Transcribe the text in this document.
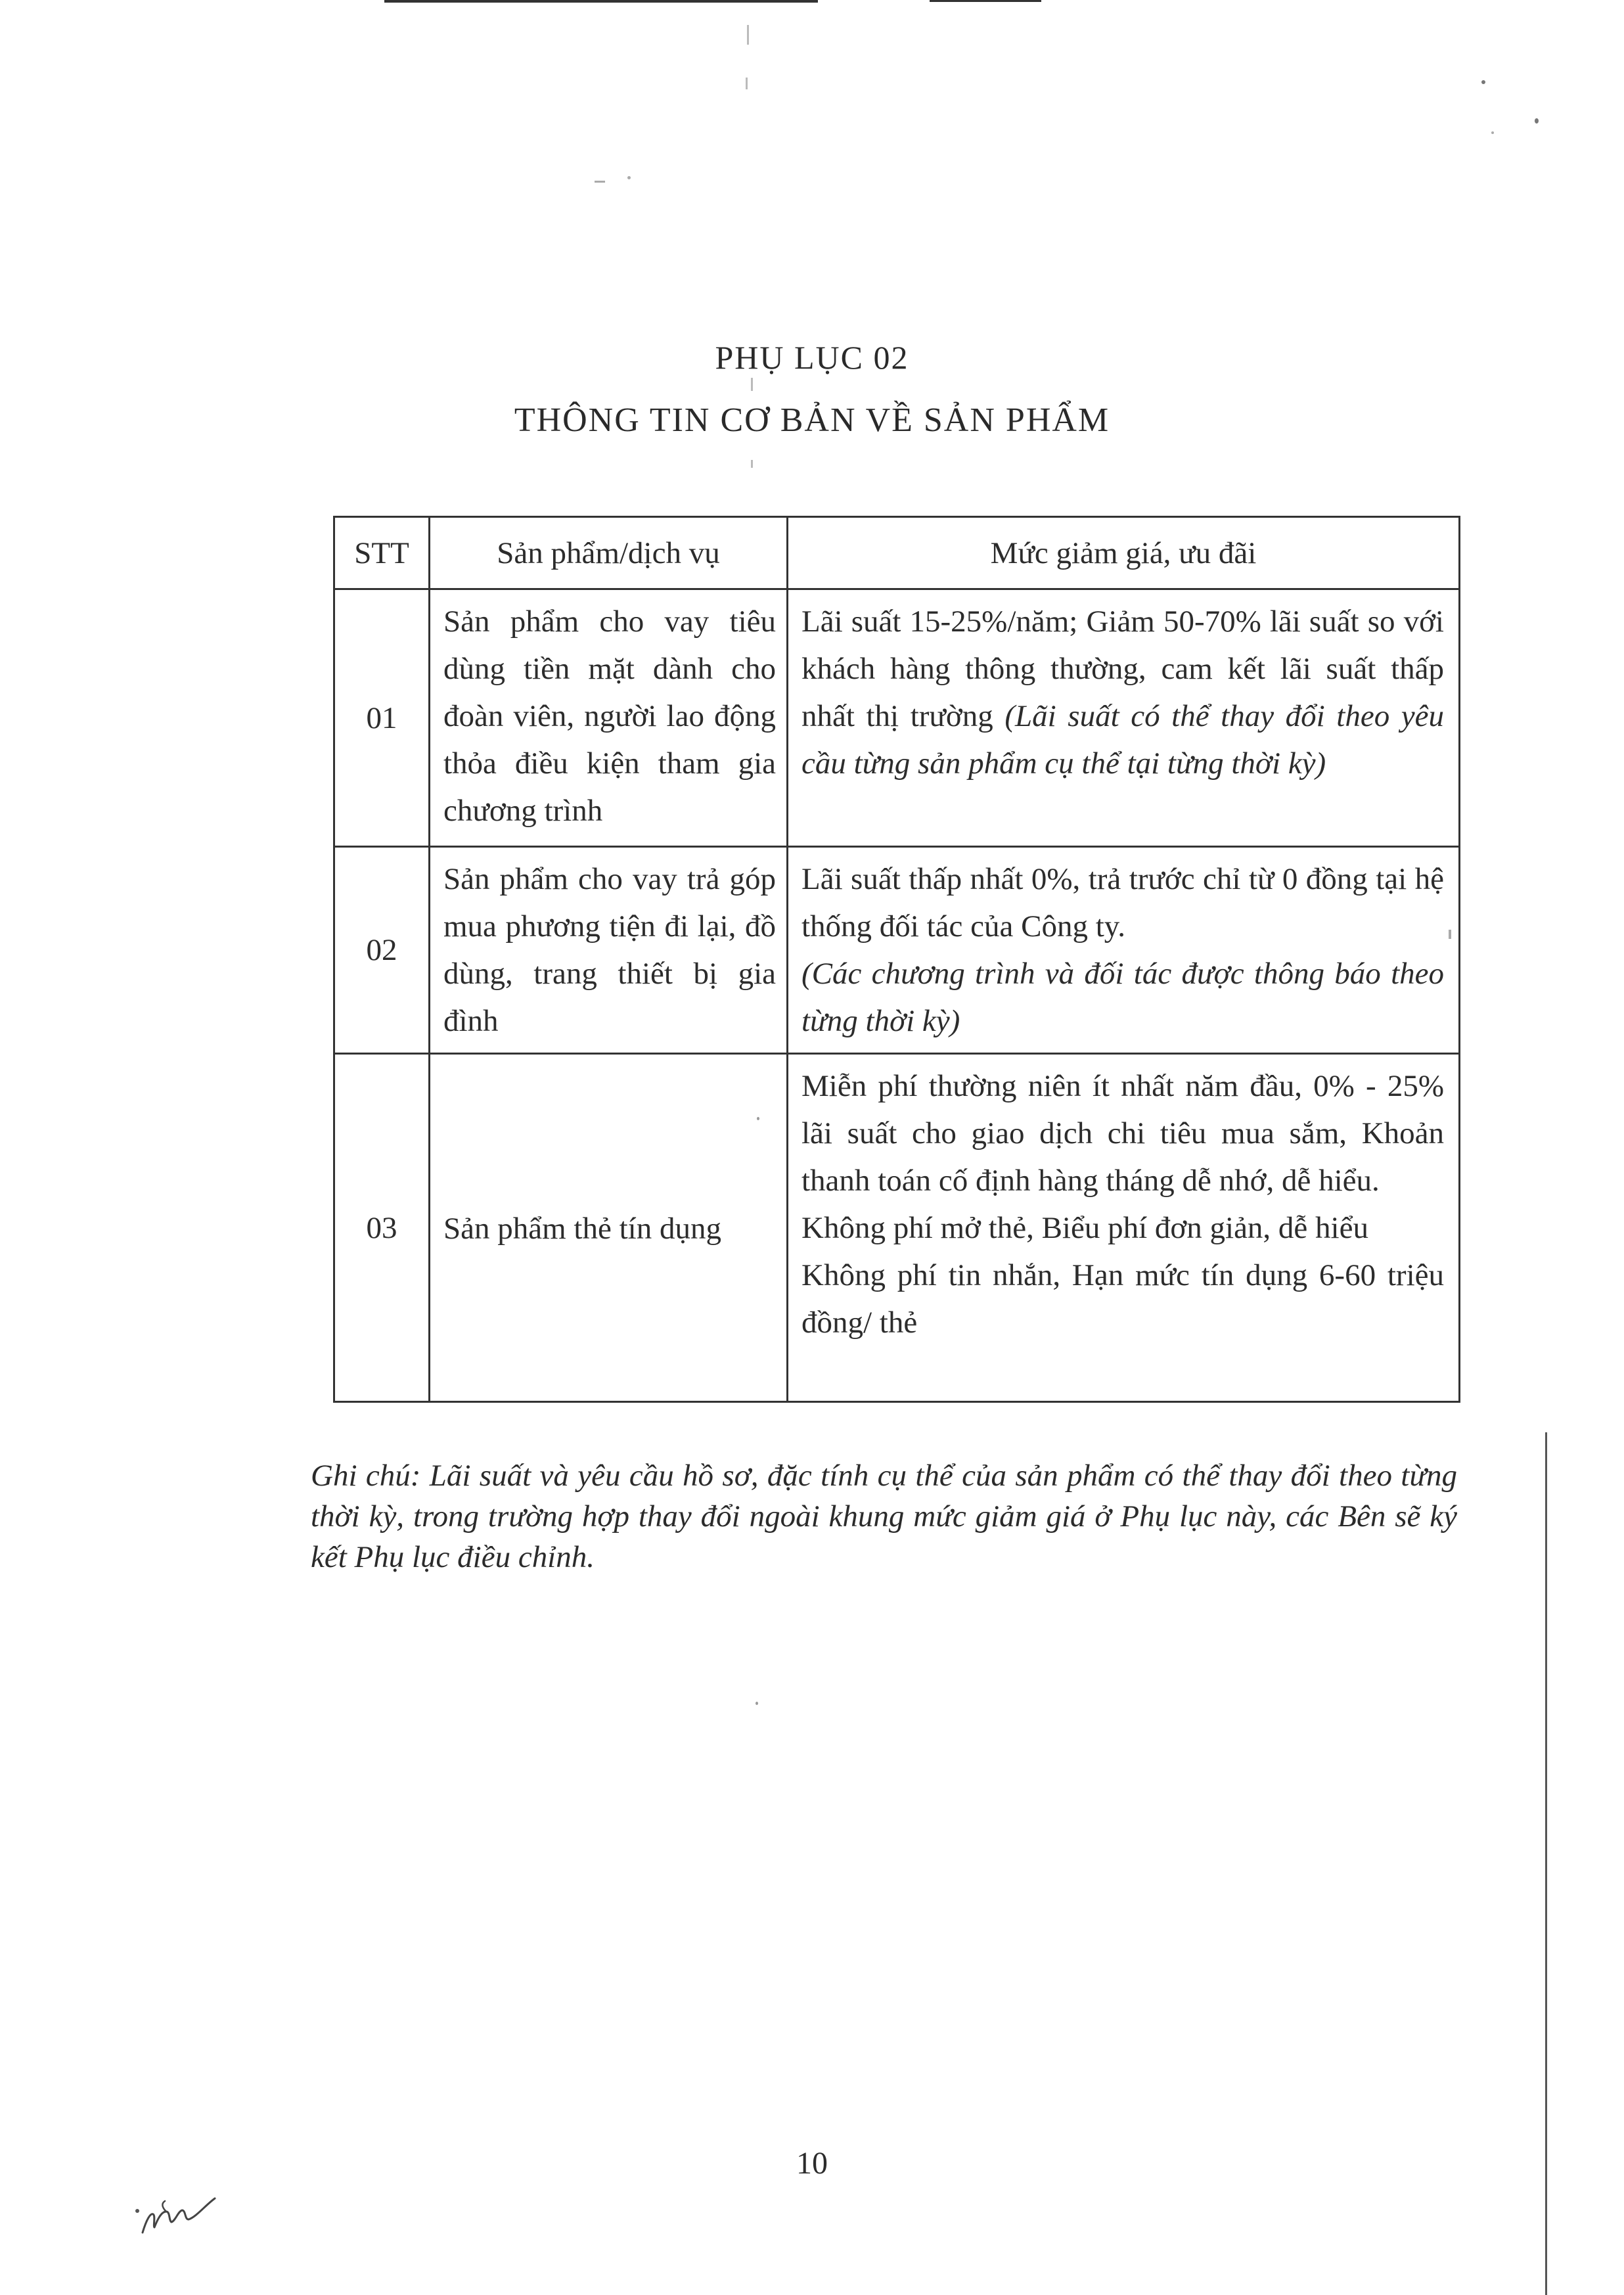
PHỤ LỤC 02
THÔNG TIN CƠ BẢN VỀ SẢN PHẨM
STT	Sản phẩm/dịch vụ	Mức giảm giá, ưu đãi
01	Sản phẩm cho vay tiêu dùng tiền mặt dành cho đoàn viên, người lao động thỏa điều kiện tham gia chương trình	Lãi suất 15-25%/năm; Giảm 50-70% lãi suất so với khách hàng thông thường, cam kết lãi suất thấp nhất thị trường (Lãi suất có thể thay đổi theo yêu cầu từng sản phẩm cụ thể tại từng thời kỳ)
02	Sản phẩm cho vay trả góp mua phương tiện đi lại, đồ dùng, trang thiết bị gia đình	Lãi suất thấp nhất 0%, trả trước chỉ từ 0 đồng tại hệ thống đối tác của Công ty.
(Các chương trình và đối tác được thông báo theo từng thời kỳ)

03	Sản phẩm thẻ tín dụng	Miễn phí thường niên ít nhất năm đầu, 0% - 25% lãi suất cho giao dịch chi tiêu mua sắm, Khoản thanh toán cố định hàng tháng dễ nhớ, dễ hiểu.
Không phí mở thẻ, Biểu phí đơn giản, dễ hiểu
Không phí tin nhắn, Hạn mức tín dụng 6-60 triệu đồng/ thẻ
Ghi chú: Lãi suất và yêu cầu hồ sơ, đặc tính cụ thể của sản phẩm có thể thay đổi theo từng thời kỳ, trong trường hợp thay đổi ngoài khung mức giảm giá ở Phụ lục này, các Bên sẽ ký kết Phụ lục điều chỉnh.
10
